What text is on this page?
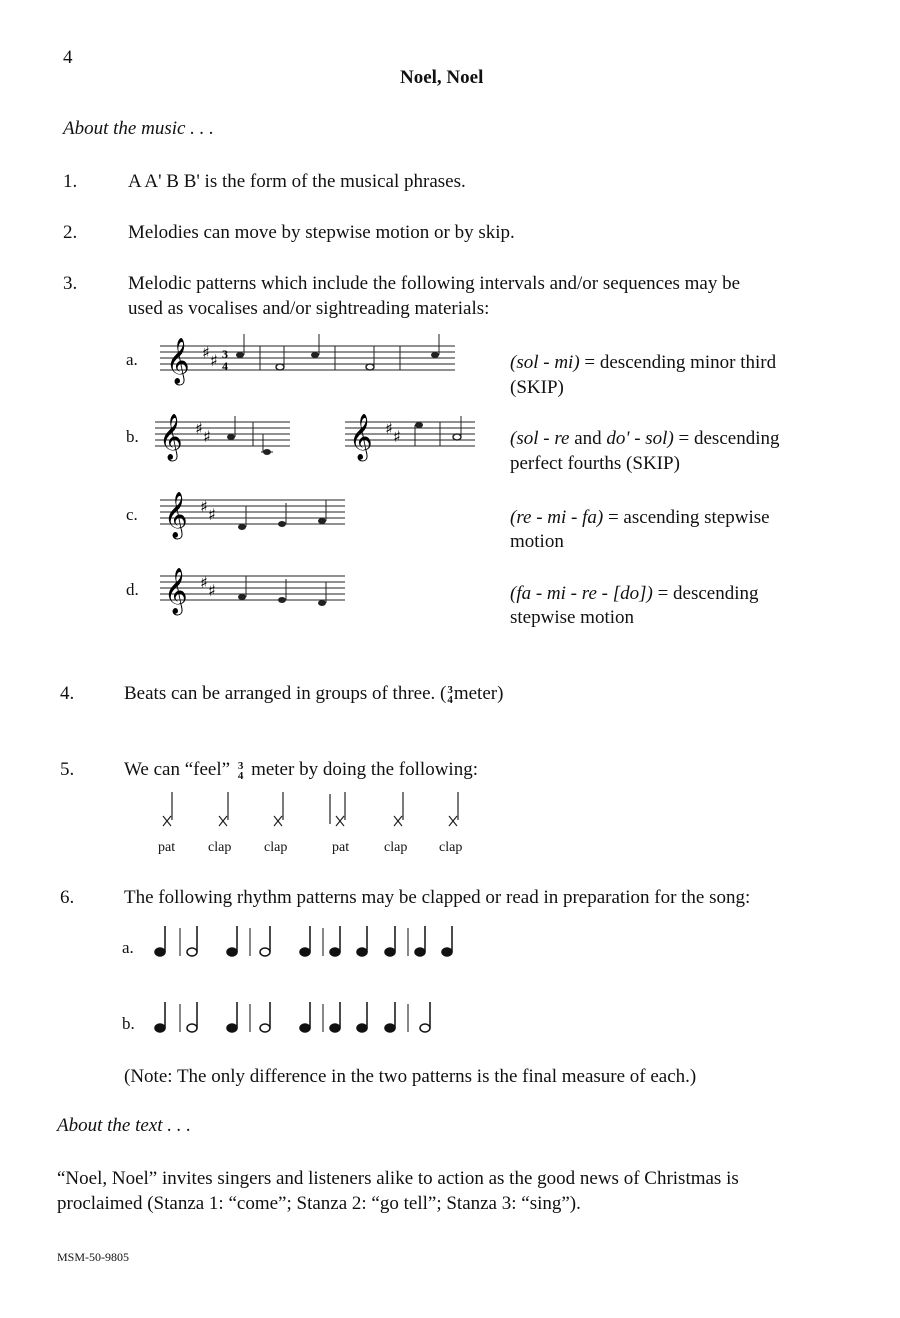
4
Noel, Noel
About the music . . .
1.	A A' B B' is the form of the musical phrases.
2.	Melodies can move by stepwise motion or by skip.
3.	Melodic patterns which include the following intervals and/or sequences may be
used as vocalises and/or sightreading materials:
a. 𝄞 ♯ ♯ 3
4	(sol - mi) = descending minor third
(SKIP)
b. 𝄞 ♯ ♯	𝄞 ♯ ♯	(sol - re and do' - sol) = descending
perfect fourths (SKIP)
c. 𝄞 ♯ ♯	(re - mi - fa) = ascending stepwise
motion
d. 𝄞 ♯ ♯	(fa - mi - re - [do]) = descending
stepwise motion
4.	Beats can be arranged in groups of three. (3
4meter)
5.	We can “feel” 3
4 meter by doing the following:
pat clap clap	pat clap clap
6.	The following rhythm patterns may be clapped or read in preparation for the song:
a.
b.
(Note: The only difference in the two patterns is the final measure of each.)
About the text . . .
“Noel, Noel” invites singers and listeners alike to action as the good news of Christmas is
proclaimed (Stanza 1: “come”; Stanza 2: “go tell”; Stanza 3: “sing”).
MSM-50-9805
